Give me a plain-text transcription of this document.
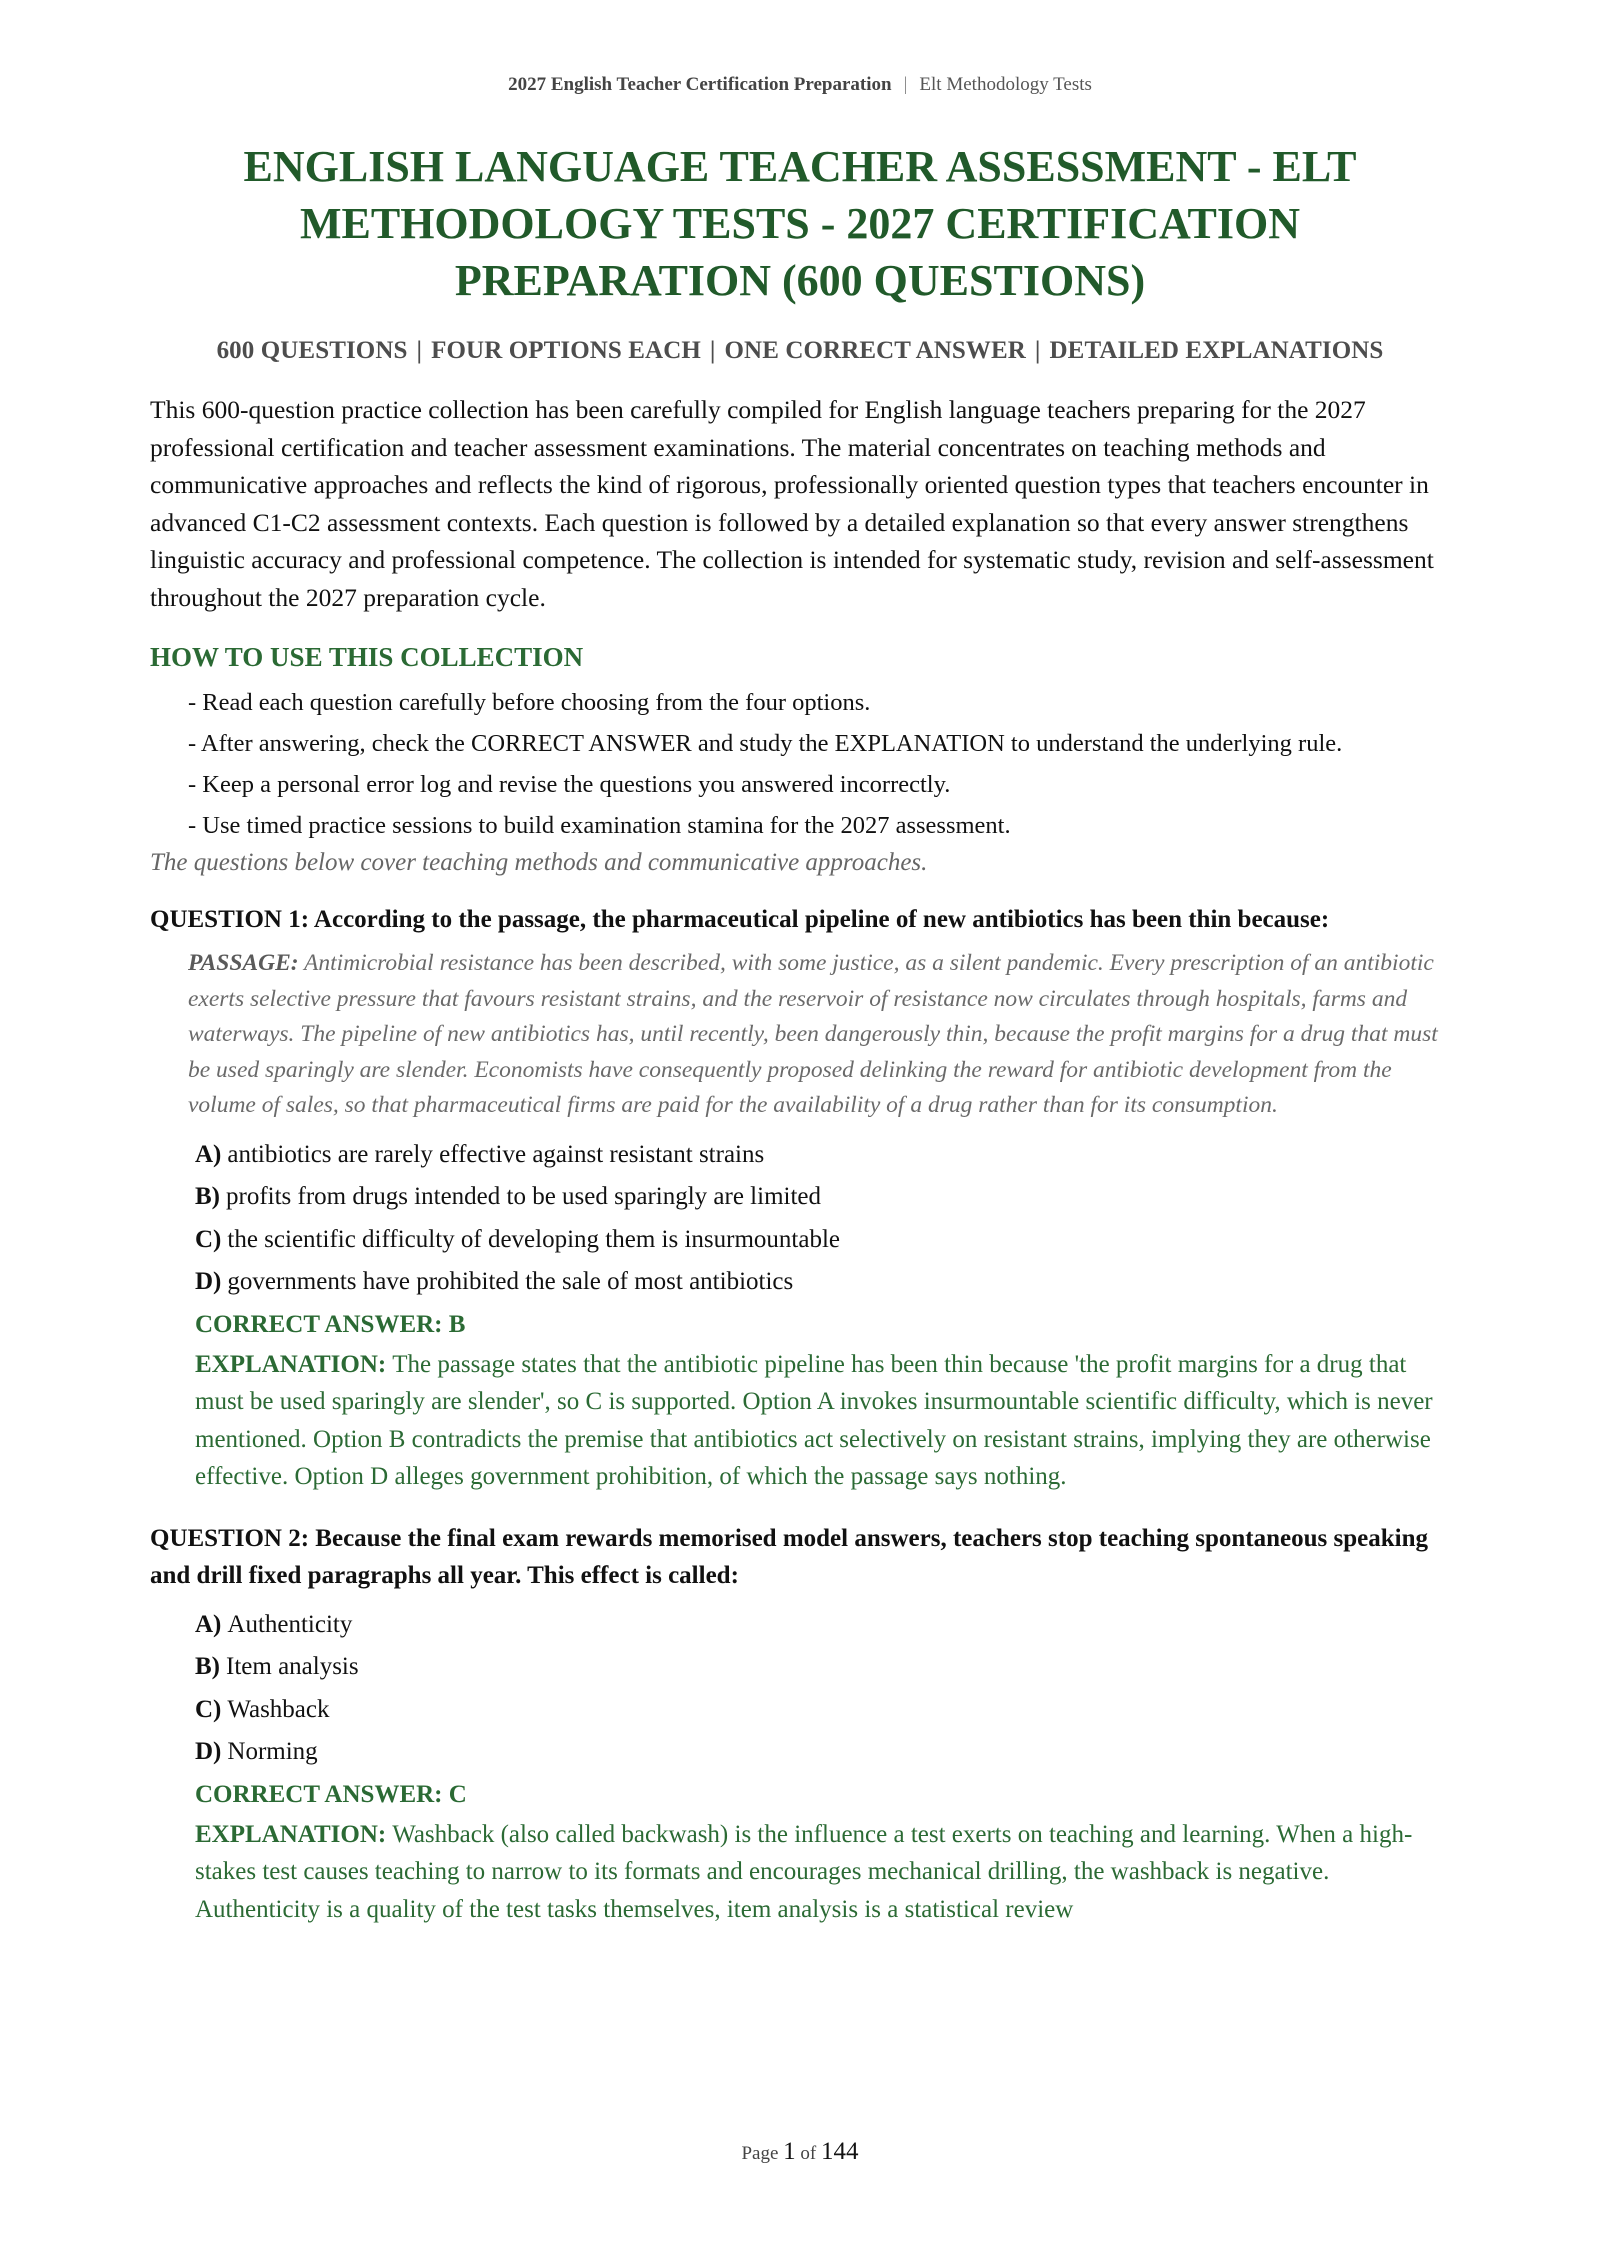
2027 English Teacher Certification Preparation | Elt Methodology Tests
ENGLISH LANGUAGE TEACHER ASSESSMENT - ELT METHODOLOGY TESTS - 2027 CERTIFICATION PREPARATION (600 QUESTIONS)
600 QUESTIONS | FOUR OPTIONS EACH | ONE CORRECT ANSWER | DETAILED EXPLANATIONS

This 600-question practice collection has been carefully compiled for English language teachers preparing for the 2027 professional certification and teacher assessment examinations. The material concentrates on teaching methods and communicative approaches and reflects the kind of rigorous, professionally oriented question types that teachers encounter in advanced C1-C2 assessment contexts. Each question is followed by a detailed explanation so that every answer strengthens linguistic accuracy and professional competence. The collection is intended for systematic study, revision and self-assessment throughout the 2027 preparation cycle.

HOW TO USE THIS COLLECTION
- Read each question carefully before choosing from the four options.
- After answering, check the CORRECT ANSWER and study the EXPLANATION to understand the underlying rule.
- Keep a personal error log and revise the questions you answered incorrectly.
- Use timed practice sessions to build examination stamina for the 2027 assessment.
The questions below cover teaching methods and communicative approaches.
QUESTION 1: According to the passage, the pharmaceutical pipeline of new antibiotics has been thin because:
PASSAGE: Antimicrobial resistance has been described, with some justice, as a silent pandemic. Every prescription of an antibiotic exerts selective pressure that favours resistant strains, and the reservoir of resistance now circulates through hospitals, farms and waterways. The pipeline of new antibiotics has, until recently, been dangerously thin, because the profit margins for a drug that must be used sparingly are slender. Economists have consequently proposed delinking the reward for antibiotic development from the volume of sales, so that pharmaceutical firms are paid for the availability of a drug rather than for its consumption.
A) antibiotics are rarely effective against resistant strains
B) profits from drugs intended to be used sparingly are limited
C) the scientific difficulty of developing them is insurmountable
D) governments have prohibited the sale of most antibiotics
CORRECT ANSWER: B
EXPLANATION: The passage states that the antibiotic pipeline has been thin because 'the profit margins for a drug that must be used sparingly are slender', so C is supported. Option A invokes insurmountable scientific difficulty, which is never mentioned. Option B contradicts the premise that antibiotics act selectively on resistant strains, implying they are otherwise effective. Option D alleges government prohibition, of which the passage says nothing.
QUESTION 2: Because the final exam rewards memorised model answers, teachers stop teaching spontaneous speaking and drill fixed paragraphs all year. This effect is called:
A) Authenticity
B) Item analysis
C) Washback
D) Norming
CORRECT ANSWER: C
EXPLANATION: Washback (also called backwash) is the influence a test exerts on teaching and learning. When a high-stakes test causes teaching to narrow to its formats and encourages mechanical drilling, the washback is negative. Authenticity is a quality of the test tasks themselves, item analysis is a statistical review
Page 1 of 144
